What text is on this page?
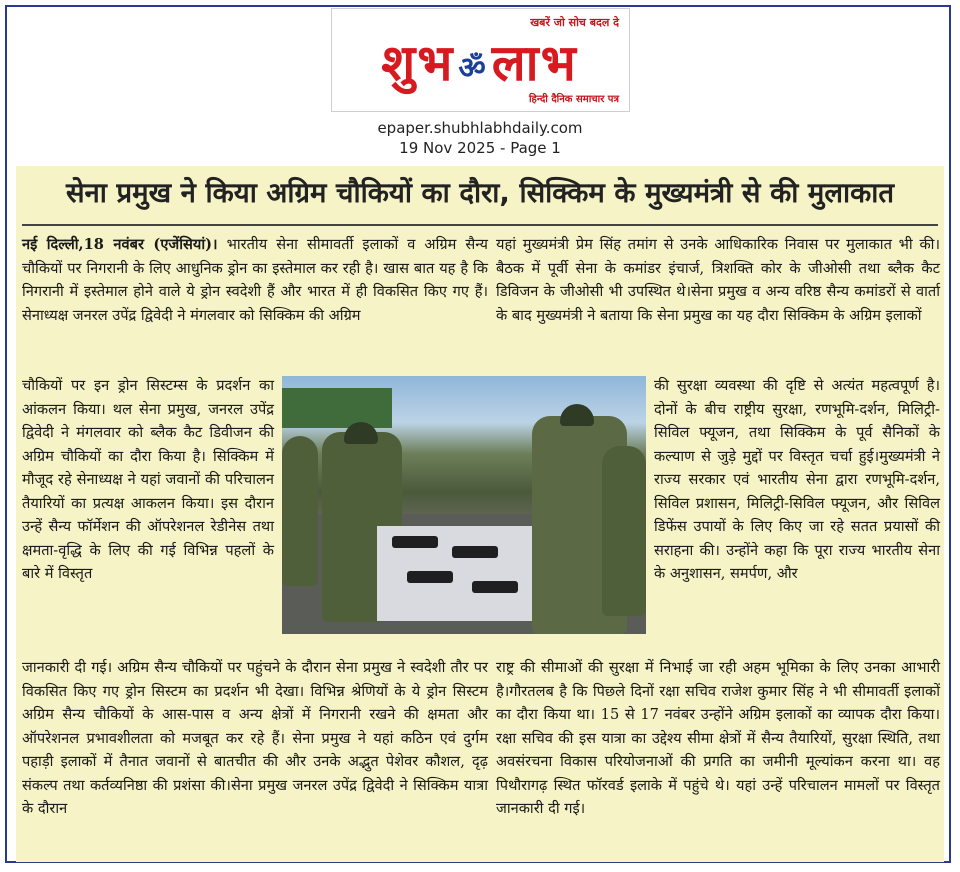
खबरें जो सोच बदल दे
शुभ ॐलाभ
हिन्दी दैनिक समाचार पत्र
epaper.shubhlabhdaily.com
19 Nov 2025 - Page 1
सेना प्रमुख ने किया अग्रिम चौकियों का दौरा, सिक्किम के मुख्यमंत्री से की मुलाकात
नई दिल्ली,18 नवंबर (एजेंसियां)। भारतीय सेना सीमावर्ती इलाकों व अग्रिम सैन्य चौकियों पर निगरानी के लिए आधुनिक ड्रोन का इस्तेमाल कर रही है। खास बात यह है कि निगरानी में इस्तेमाल होने वाले ये ड्रोन स्वदेशी हैं और भारत में ही विकसित किए गए हैं। सेनाध्यक्ष जनरल उपेंद्र द्विवेदी ने मंगलवार को सिक्किम की अग्रिम
चौकियों पर इन ड्रोन सिस्टम्स के प्रदर्शन का आंकलन किया। थल सेना प्रमुख, जनरल उपेंद्र द्विवेदी ने मंगलवार को ब्लैक कैट डिवीजन की अग्रिम चौकियों का दौरा किया है। सिक्किम में मौजूद रहे सेनाध्यक्ष ने यहां जवानों की परिचालन तैयारियों का प्रत्यक्ष आकलन किया। इस दौरान उन्हें सैन्य फॉर्मेशन की ऑपरेशनल रेडीनेस तथा क्षमता-वृद्धि के लिए की गई विभिन्न पहलों के बारे में विस्तृत
जानकारी दी गई। अग्रिम सैन्य चौकियों पर पहुंचने के दौरान सेना प्रमुख ने स्वदेशी तौर पर विकसित किए गए ड्रोन सिस्टम का प्रदर्शन भी देखा। विभिन्न श्रेणियों के ये ड्रोन सिस्टम अग्रिम सैन्य चौकियों के आस-पास व अन्य क्षेत्रों में निगरानी रखने की क्षमता और ऑपरेशनल प्रभावशीलता को मजबूत कर रहे हैं। सेना प्रमुख ने यहां कठिन एवं दुर्गम पहाड़ी इलाकों में तैनात जवानों से बातचीत की और उनके अद्भुत पेशेवर कौशल, दृढ़ संकल्प तथा कर्तव्यनिष्ठा की प्रशंसा की।सेना प्रमुख जनरल उपेंद्र द्विवेदी ने सिक्किम यात्रा के दौरान
यहां मुख्यमंत्री प्रेम सिंह तमांग से उनके आधिकारिक निवास पर मुलाकात भी की। बैठक में पूर्वी सेना के कमांडर इंचार्ज, त्रिशक्ति कोर के जीओसी तथा ब्लैक कैट डिविजन के जीओसी भी उपस्थित थे।सेना प्रमुख व अन्य वरिष्ठ सैन्य कमांडरों से वार्ता के बाद मुख्यमंत्री ने बताया कि सेना प्रमुख का यह दौरा सिक्किम के अग्रिम इलाकों
की सुरक्षा व्यवस्था की दृष्टि से अत्यंत महत्वपूर्ण है। दोनों के बीच राष्ट्रीय सुरक्षा, रणभूमि-दर्शन, मिलिट्री-सिविल फ्यूजन, तथा सिक्किम के पूर्व सैनिकों के कल्याण से जुड़े मुद्दों पर विस्तृत चर्चा हुई।मुख्यमंत्री ने राज्य सरकार एवं भारतीय सेना द्वारा रणभूमि-दर्शन, सिविल प्रशासन, मिलिट्री-सिविल फ्यूजन, और सिविल डिफेंस उपायों के लिए किए जा रहे सतत प्रयासों की सराहना की। उन्होंने कहा कि पूरा राज्य भारतीय सेना के अनुशासन, समर्पण, और
राष्ट्र की सीमाओं की सुरक्षा में निभाई जा रही अहम भूमिका के लिए उनका आभारी है।गौरतलब है कि पिछले दिनों रक्षा सचिव राजेश कुमार सिंह ने भी सीमावर्ती इलाकों का दौरा किया था। 15 से 17 नवंबर उन्होंने अग्रिम इलाकों का व्यापक दौरा किया। रक्षा सचिव की इस यात्रा का उद्देश्य सीमा क्षेत्रों में सैन्य तैयारियों, सुरक्षा स्थिति, तथा अवसंरचना विकास परियोजनाओं की प्रगति का जमीनी मूल्यांकन करना था। वह पिथौरागढ़ स्थित फॉरवर्ड इलाके में पहुंचे थे। यहां उन्हें परिचालन मामलों पर विस्तृत जानकारी दी गई।
